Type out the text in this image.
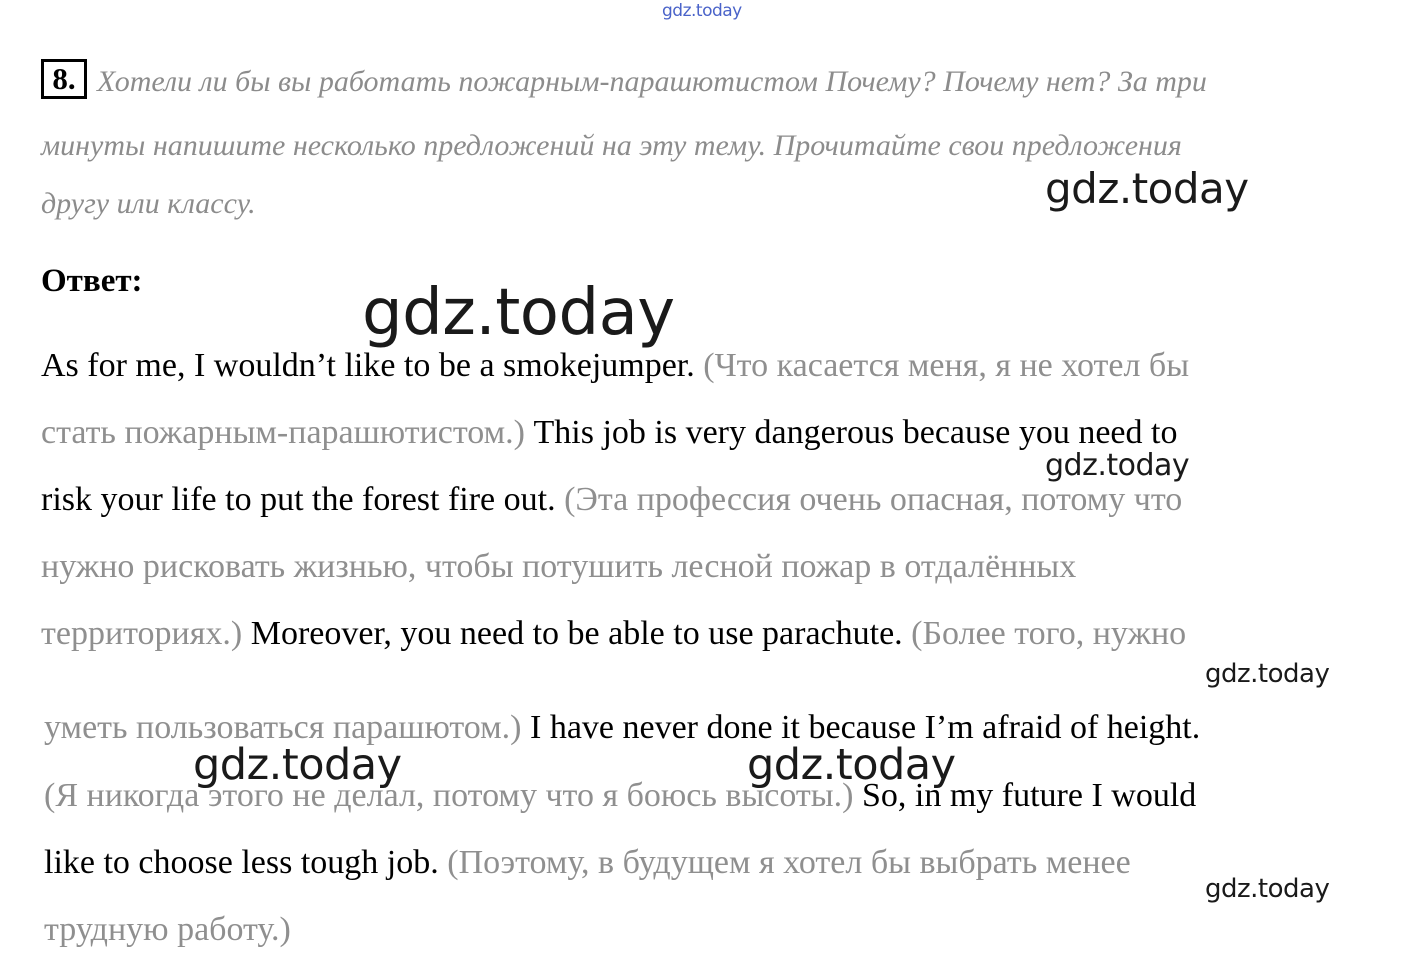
gdz.today
8. Хотели ли бы вы работать пожарным-парашютистом Почему? Почему нет? За три
минуты напишите несколько предложений на эту тему. Прочитайте свои предложения
другу или классу.
Ответ:
As for me, I wouldn’t like to be a smokejumper. (Что касается меня, я не хотел бы
стать пожарным-парашютистом.) This job is very dangerous because you need to
risk your life to put the forest fire out. (Эта профессия очень опасная, потому что
нужно рисковать жизнью, чтобы потушить лесной пожар в отдалённых
территориях.) Moreover, you need to be able to use parachute. (Более того, нужно
уметь пользоваться парашютом.) I have never done it because I’m afraid of height.
(Я никогда этого не делал, потому что я боюсь высоты.) So, in my future I would
like to choose less tough job. (Поэтому, в будущем я хотел бы выбрать менее
трудную работу.)
gdz.today
gdz.today
gdz.today
gdz.today
gdz.today	gdz.today
gdz.today
